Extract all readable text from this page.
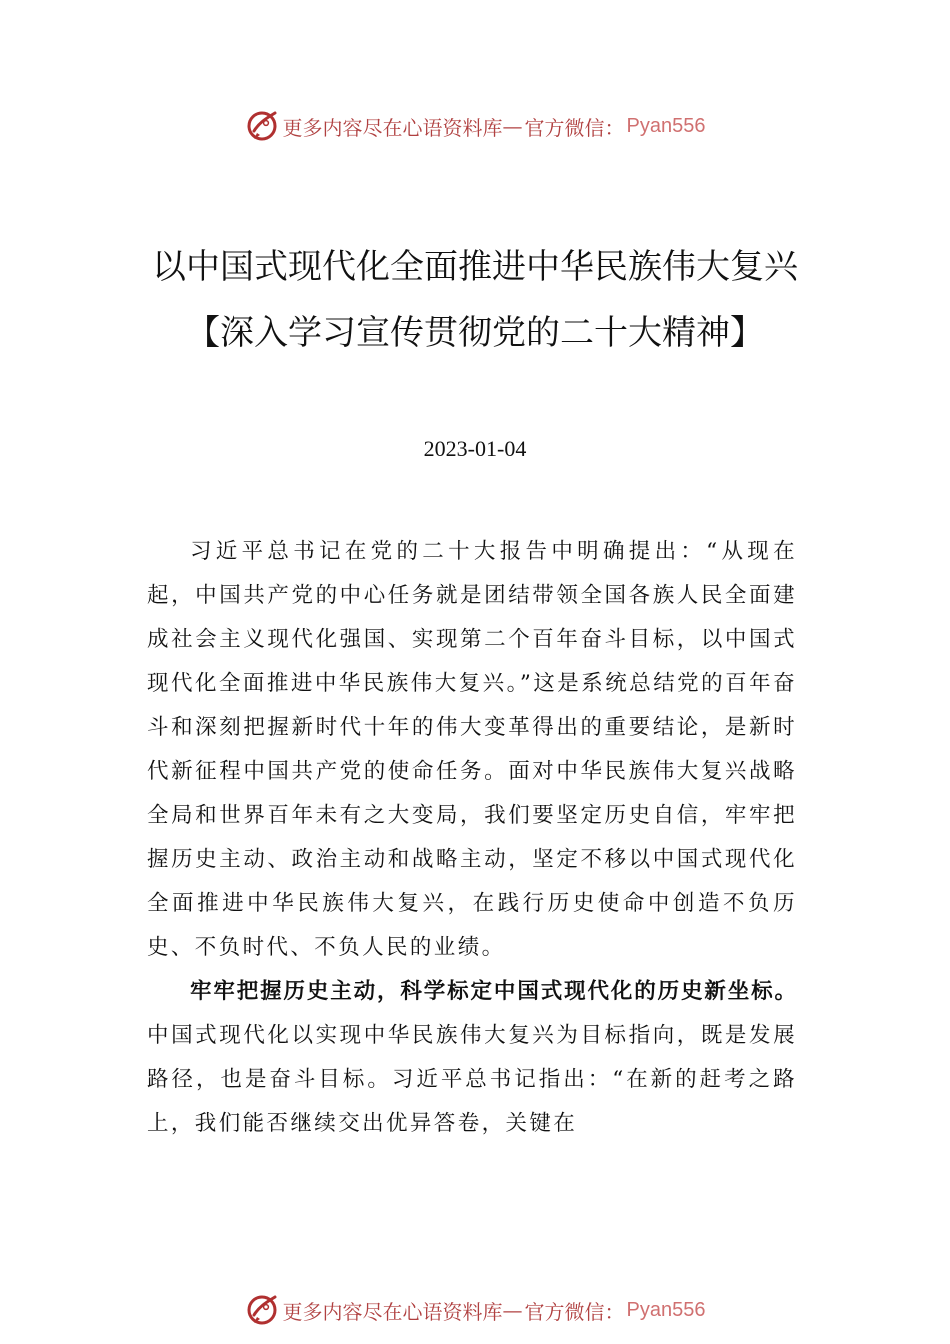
更多内容尽在心语资料库 — 官方微信： Pyan556
以中国式现代化全面推进中华民族伟大复兴【深入学习宣传贯彻党的二十大精神】
2023-01-04

习近平总书记在党的二十大报告中明确提出：“从现在起，中国共产党的中心任务就是团结带领全国各族人民全面建成社会主义现代化强国、实现第二个百年奋斗目标，以中国式现代化全面推进中华民族伟大复兴。”这是系统总结党的百年奋斗和深刻把握新时代十年的伟大变革得出的重要结论，是新时代新征程中国共产党的使命任务。面对中华民族伟大复兴战略全局和世界百年未有之大变局，我们要坚定历史自信，牢牢把握历史主动、政治主动和战略主动，坚定不移以中国式现代化全面推进中华民族伟大复兴，在践行历史使命中创造不负历史、不负时代、不负人民的业绩。

牢牢把握历史主动，科学标定中国式现代化的历史新坐标。中国式现代化以实现中华民族伟大复兴为目标指向，既是发展路径，也是奋斗目标。习近平总书记指出：“在新的赶考之路上，我们能否继续交出优异答卷，关键在

更多内容尽在心语资料库 — 官方微信： Pyan556
